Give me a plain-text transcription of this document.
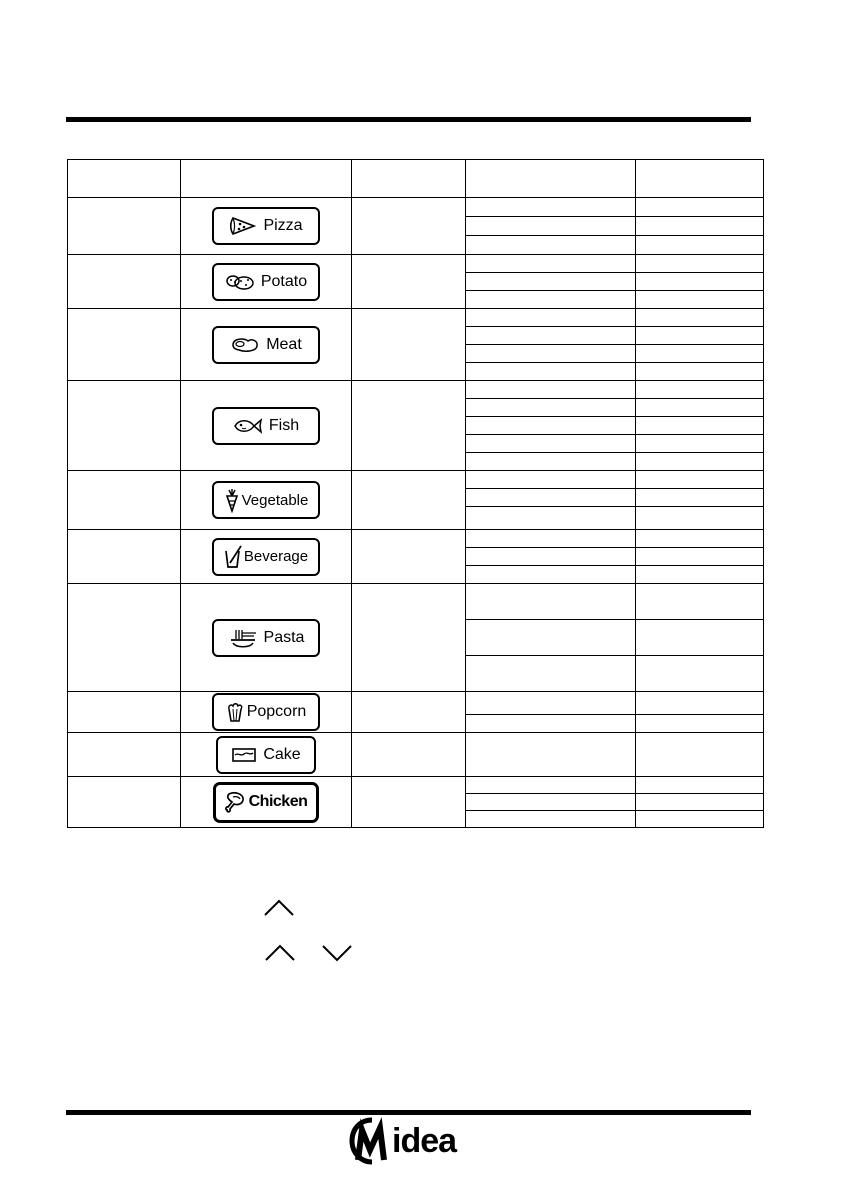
	Pizza			

	Potato			

	Meat			

	Fish			

	Vegetable			

	Beverage			

	Pasta			

	Popcorn			

	Cake			

	Chicken			

idea
